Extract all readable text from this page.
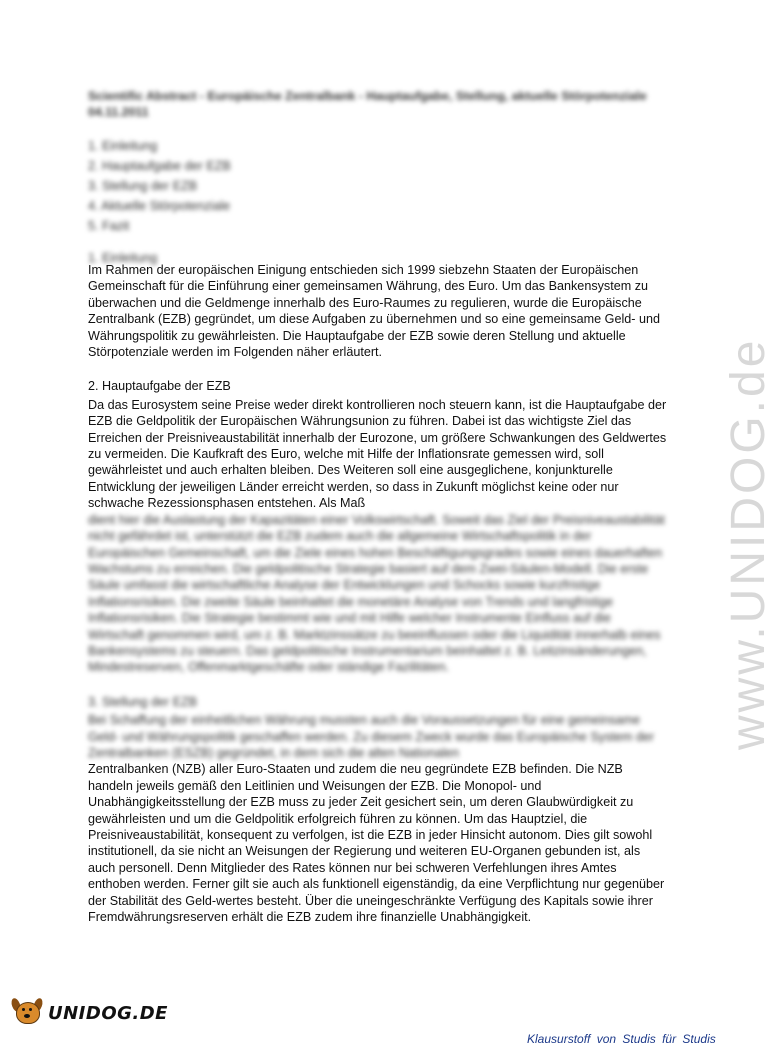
www.UNIDOG.de
Scientific Abstract - Europäische Zentralbank - Hauptaufgabe, Stellung, aktuelle Störpotenziale 04.11.2011
1. Einleitung
2. Hauptaufgabe der EZB
3. Stellung der EZB
4. Aktuelle Störpotenziale
5. Fazit
1. Einleitung

Im Rahmen der europäischen Einigung entschieden sich 1999 siebzehn Staaten der Europäischen Gemeinschaft für die Einführung einer gemeinsamen Währung, des Euro. Um das Bankensystem zu überwachen und die Geldmenge innerhalb des Euro-Raumes zu regulieren, wurde die Europäische Zentralbank (EZB) gegründet, um diese Aufgaben zu übernehmen und so eine gemeinsame Geld- und Währungspolitik zu gewährleisten. Die Hauptaufgabe der EZB sowie deren Stellung und aktuelle Störpotenziale werden im Folgenden näher erläutert.

2. Hauptaufgabe der EZB

Da das Eurosystem seine Preise weder direkt kontrollieren noch steuern kann, ist die Hauptaufgabe der EZB die Geldpolitik der Europäischen Währungsunion zu führen. Dabei ist das wichtigste Ziel das Erreichen der Preisniveaustabilität innerhalb der Eurozone, um größere Schwankungen des Geldwertes zu vermeiden. Die Kaufkraft des Euro, welche mit Hilfe der Inflationsrate gemessen wird, soll gewährleistet und auch erhalten bleiben. Des Weiteren soll eine ausgeglichene, konjunkturelle Entwicklung der jeweiligen Länder erreicht werden, so dass in Zukunft möglichst keine oder nur schwache Rezessionsphasen entstehen. Als Maß

dient hier die Auslastung der Kapazitäten einer Volkswirtschaft. Soweit das Ziel der Preisniveaustabilität nicht gefährdet ist, unterstützt die EZB zudem auch die allgemeine Wirtschaftspolitik in der Europäischen Gemeinschaft, um die Ziele eines hohen Beschäftigungsgrades sowie eines dauerhaften Wachstums zu erreichen. Die geldpolitische Strategie basiert auf dem Zwei-Säulen-Modell. Die erste Säule umfasst die wirtschaftliche Analyse der Entwicklungen und Schocks sowie kurzfristige Inflationsrisiken. Die zweite Säule beinhaltet die monetäre Analyse von Trends und langfristige Inflationsrisiken. Die Strategie bestimmt wie und mit Hilfe welcher Instrumente Einfluss auf die Wirtschaft genommen wird, um z. B. Marktzinssätze zu beeinflussen oder die Liquidität innerhalb eines Bankensystems zu steuern. Das geldpolitische Instrumentarium beinhaltet z. B. Leitzinsänderungen, Mindestreserven, Offenmarktgeschäfte oder ständige Fazilitäten.

3. Stellung der EZB

Bei Schaffung der einheitlichen Währung mussten auch die Voraussetzungen für eine gemeinsame Geld- und Währungspolitik geschaffen werden. Zu diesem Zweck wurde das Europäische System der Zentralbanken (ESZB) gegründet, in dem sich die alten Nationalen

Zentralbanken (NZB) aller Euro-Staaten und zudem die neu gegründete EZB befinden. Die NZB handeln jeweils gemäß den Leitlinien und Weisungen der EZB. Die Monopol- und Unabhängigkeitsstellung der EZB muss zu jeder Zeit gesichert sein, um deren Glaubwürdigkeit zu gewährleisten und um die Geldpolitik erfolgreich führen zu können. Um das Hauptziel, die Preisniveaustabilität, konsequent zu verfolgen, ist die EZB in jeder Hinsicht autonom. Dies gilt sowohl institutionell, da sie nicht an Weisungen der Regierung und weiteren EU-Organen gebunden ist, als auch personell. Denn Mitglieder des Rates können nur bei schweren Verfehlungen ihres Amtes enthoben werden. Ferner gilt sie auch als funktionell eigenständig, da eine Verpflichtung nur gegenüber der Stabilität des Geld-wertes besteht. Über die uneingeschränkte Verfügung des Kapitals sowie ihrer Fremdwährungsreserven erhält die EZB zudem ihre finanzielle Unabhängigkeit.

UNIDOG.DE
Klausurstoff von Studis für Studis
